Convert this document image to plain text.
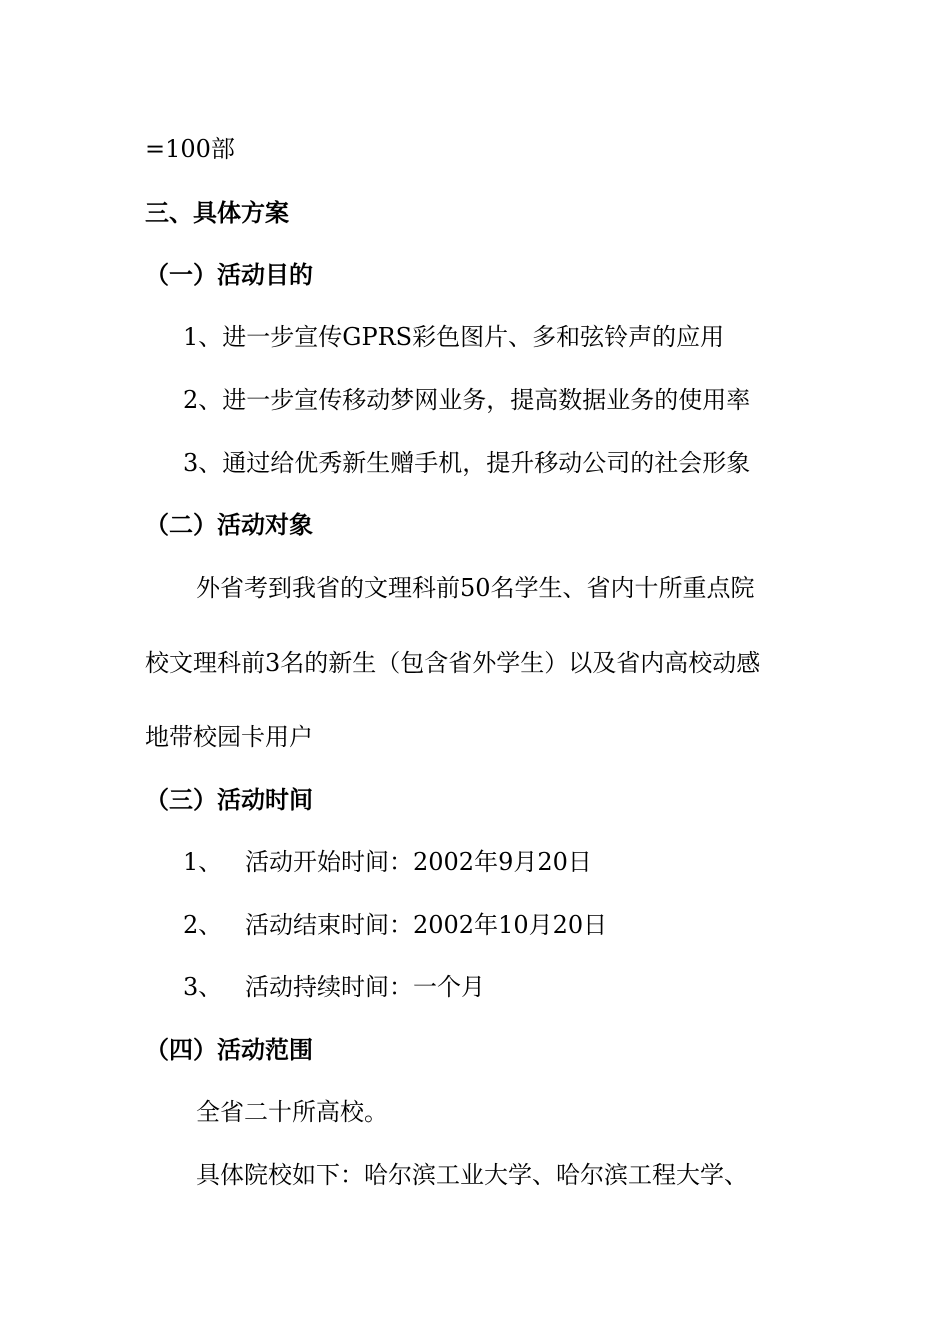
=100部
三、具体方案
（一）活动目的
1、进一步宣传GPRS彩色图片、多和弦铃声的应用
2、进一步宣传移动梦网业务，提高数据业务的使用率
3、通过给优秀新生赠手机，提升移动公司的社会形象
（二）活动对象
外省考到我省的文理科前50名学生、省内十所重点院
校文理科前3名的新生（包含省外学生）以及省内高校动感
地带校园卡用户
（三）活动时间
1、 活动开始时间：2002年9月20日
2、 活动结束时间：2002年10月20日
3、 活动持续时间：一个月
（四）活动范围
全省二十所高校。
具体院校如下：哈尔滨工业大学、哈尔滨工程大学、
